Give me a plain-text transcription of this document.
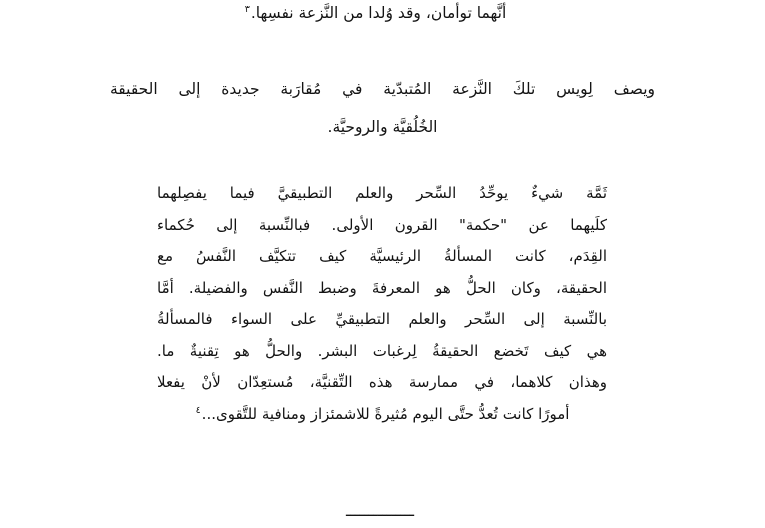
أنَّهما توأمان، وقد وُلدا من النَّزعة نفسِها.$^٣$
ويصف لِويس تلكَ النَّزعة المُتبدّية في مُقارَبة جديدة إلى الحقيقة
الخُلُقيَّة والروحيَّة.
ثَمَّة شيءٌ يوحِّدُ السِّحر والعلم التطبيقيَّ فيما يفصِلهما
كلَيهما عن "حكمة" القرون الأولى. فبالنِّسبة إلى حُكماء
القِدَم، كانت المسألةُ الرئيسيَّة كيف تتكيَّف النَّفسُ مع
الحقيقة، وكان الحلُّ هو المعرفةَ وضبط النَّفس والفضيلة. أمَّا
بالنِّسبة إلى السِّحر والعلم التطبيقيِّ على السواء فالمسألةُ
هي كيف تَخضع الحقيقةُ لِرغبات البشر. والحلُّ هو تِقنيةٌ ما.
وهذان كلاهما، في ممارسة هذه التِّقنيَّة، مُستعِدّان لأنْ يفعلا
أمورًا كانت تُعدُّ حتَّى اليوم مُثيرةً للاشمئزاز ومنافية للتَّقوى...$^٤$
ـــــــــــــــ
